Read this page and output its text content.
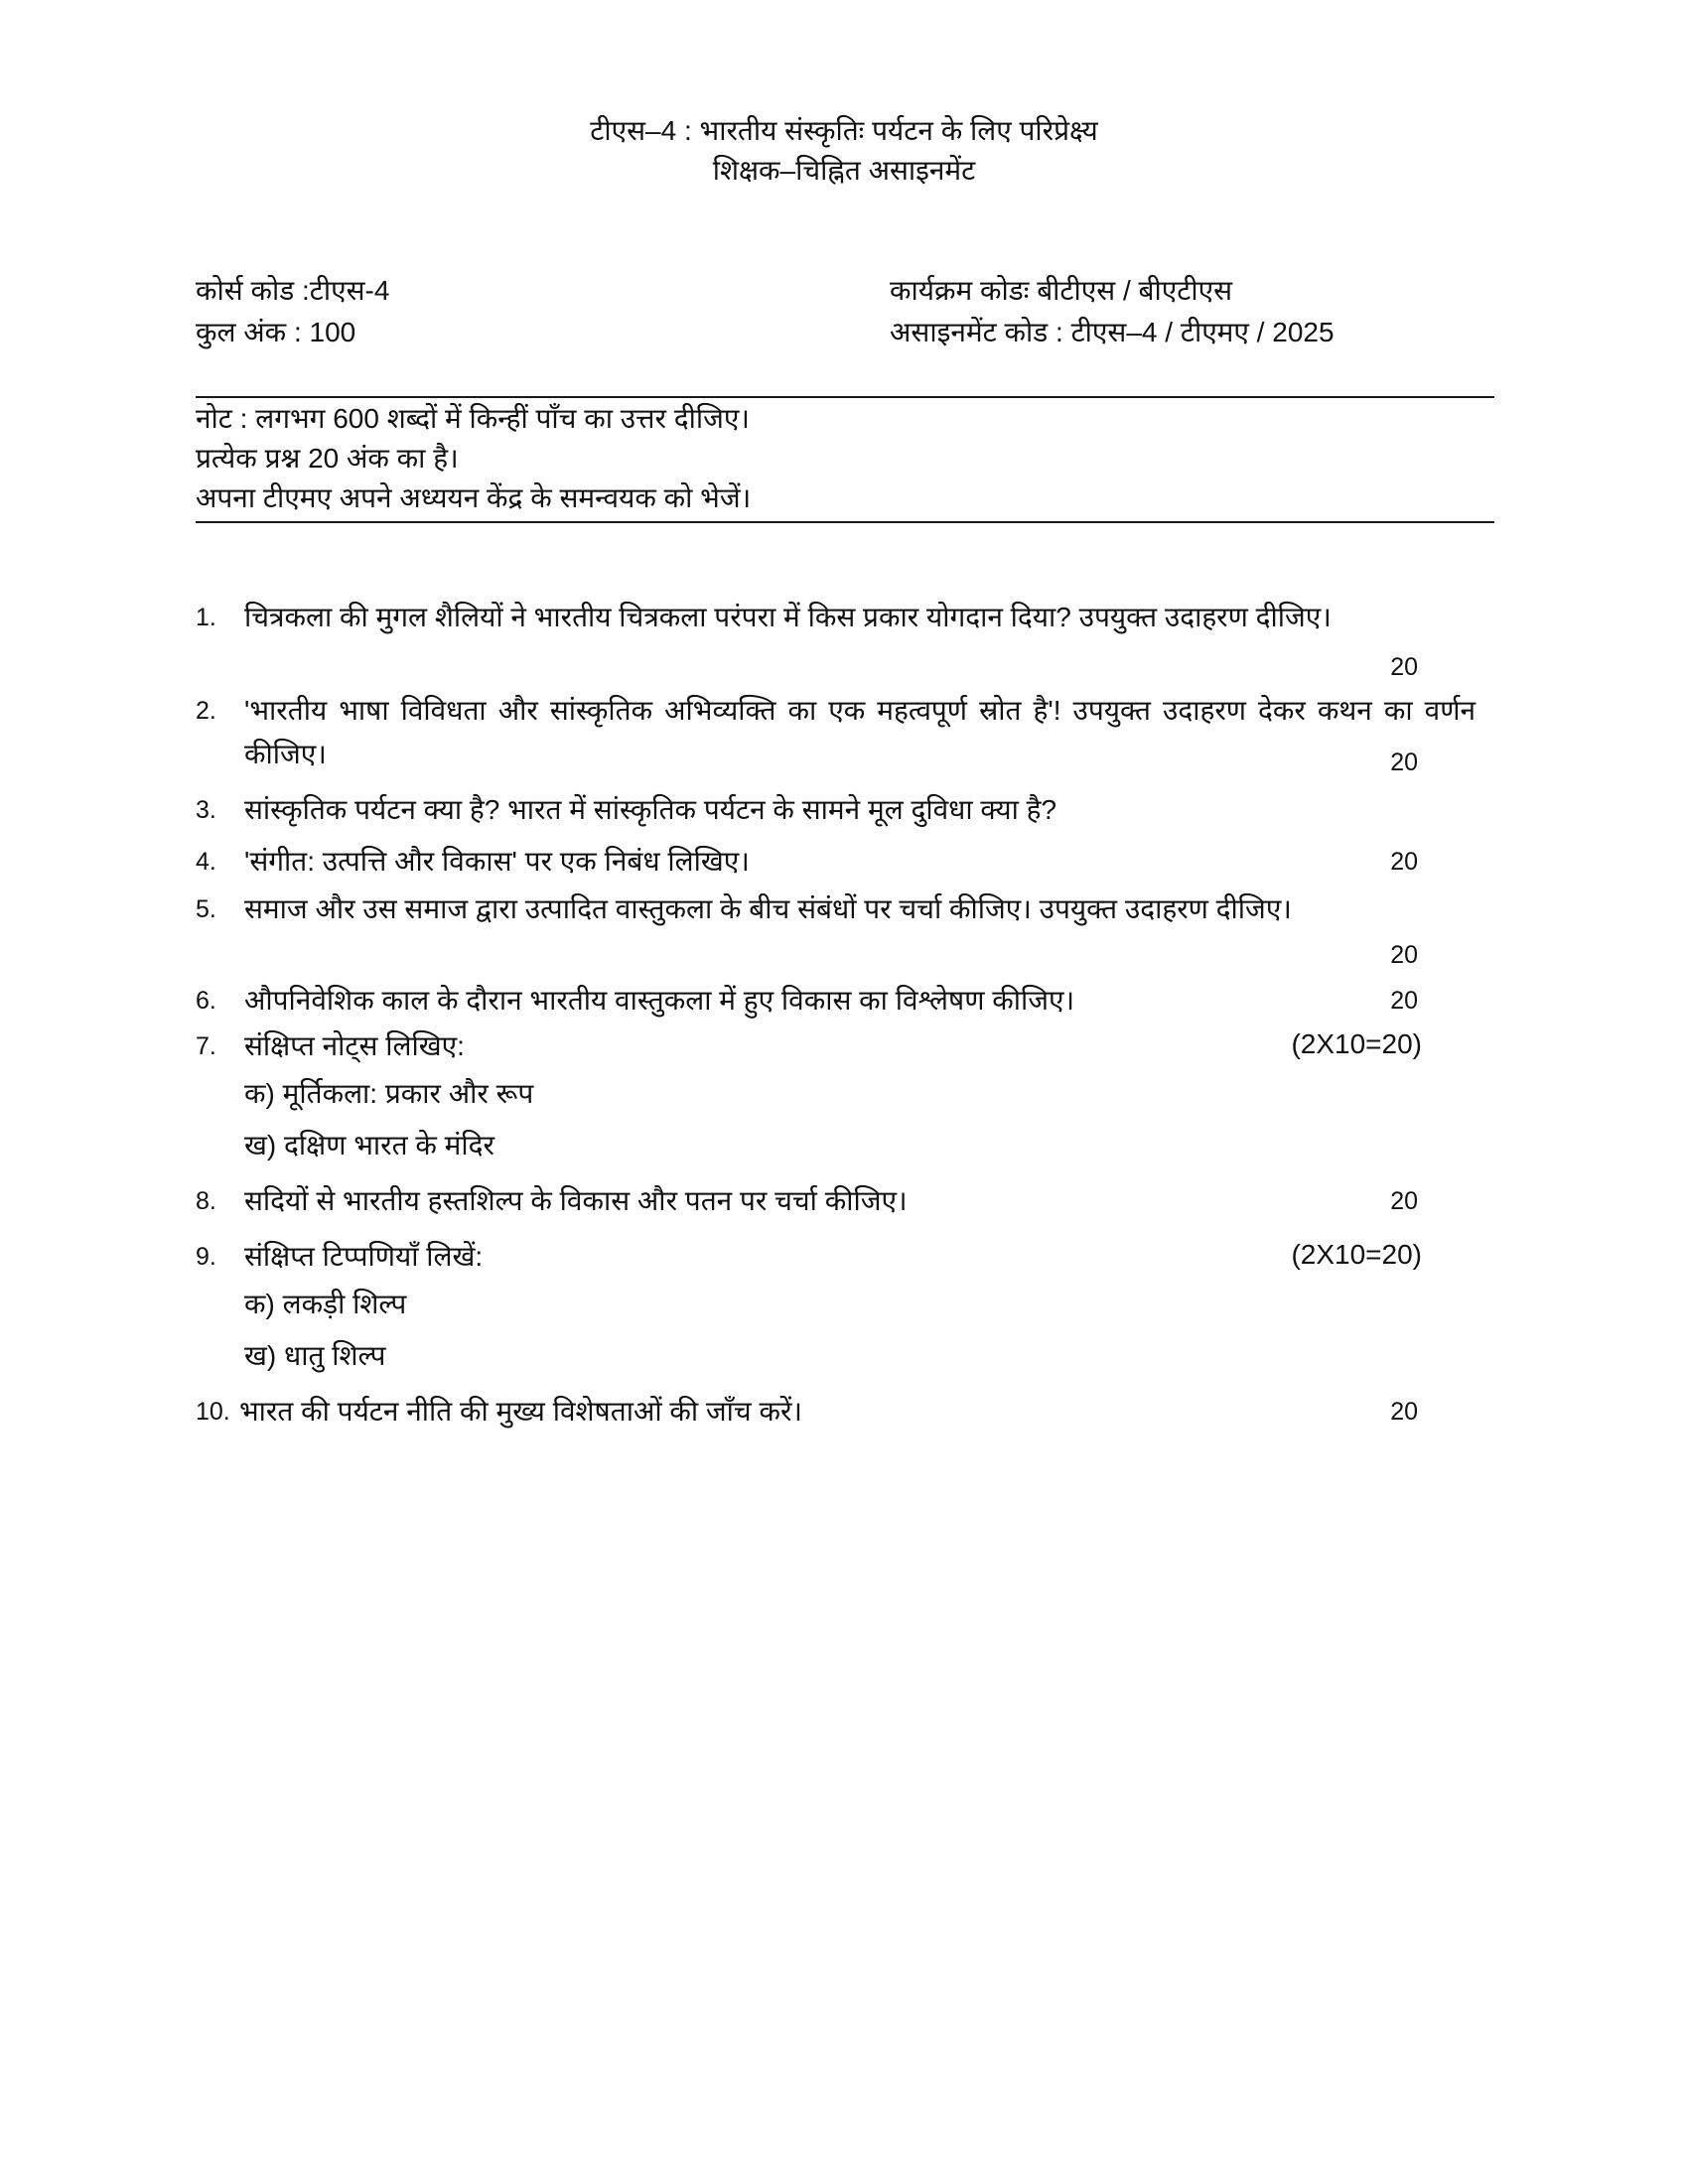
टीएस–4 : भारतीय संस्कृतिः पर्यटन के लिए परिप्रेक्ष्य
शिक्षक–चिह्नित असाइनमेंट
कोर्स कोड :टीएस-4
कुल अंक : 100
कार्यक्रम कोडः बीटीएस / बीएटीएस
असाइनमेंट कोड : टीएस–4 / टीएमए / 2025
नोट : लगभग 600 शब्दों में किन्हीं पाँच का उत्तर दीजिए।
प्रत्येक प्रश्न 20 अंक का है।
अपना टीएमए अपने अध्ययन केंद्र के समन्वयक को भेजें।
1. चित्रकला की मुगल शैलियों ने भारतीय चित्रकला परंपरा में किस प्रकार योगदान दिया? उपयुक्त उदाहरण दीजिए।
20
2. 'भारतीय भाषा विविधता और सांस्कृतिक अभिव्यक्ति का एक महत्वपूर्ण स्रोत है'! उपयुक्त उदाहरण देकर कथन का वर्णन कीजिए।	20
3. सांस्कृतिक पर्यटन क्या है? भारत में सांस्कृतिक पर्यटन के सामने मूल दुविधा क्या है?
4. 'संगीत: उत्पत्ति और विकास' पर एक निबंध लिखिए।	20
5. समाज और उस समाज द्वारा उत्पादित वास्तुकला के बीच संबंधों पर चर्चा कीजिए। उपयुक्त उदाहरण दीजिए।
20
6. औपनिवेशिक काल के दौरान भारतीय वास्तुकला में हुए विकास का विश्लेषण कीजिए।	20
7. संक्षिप्त नोट्स लिखिए:	(2X10=20)
क) मूर्तिकला: प्रकार और रूप
ख) दक्षिण भारत के मंदिर
8. सदियों से भारतीय हस्तशिल्प के विकास और पतन पर चर्चा कीजिए।	20
9. संक्षिप्त टिप्पणियाँ लिखें:	(2X10=20)
क) लकड़ी शिल्प
ख) धातु शिल्प
10. भारत की पर्यटन नीति की मुख्य विशेषताओं की जाँच करें।	20
